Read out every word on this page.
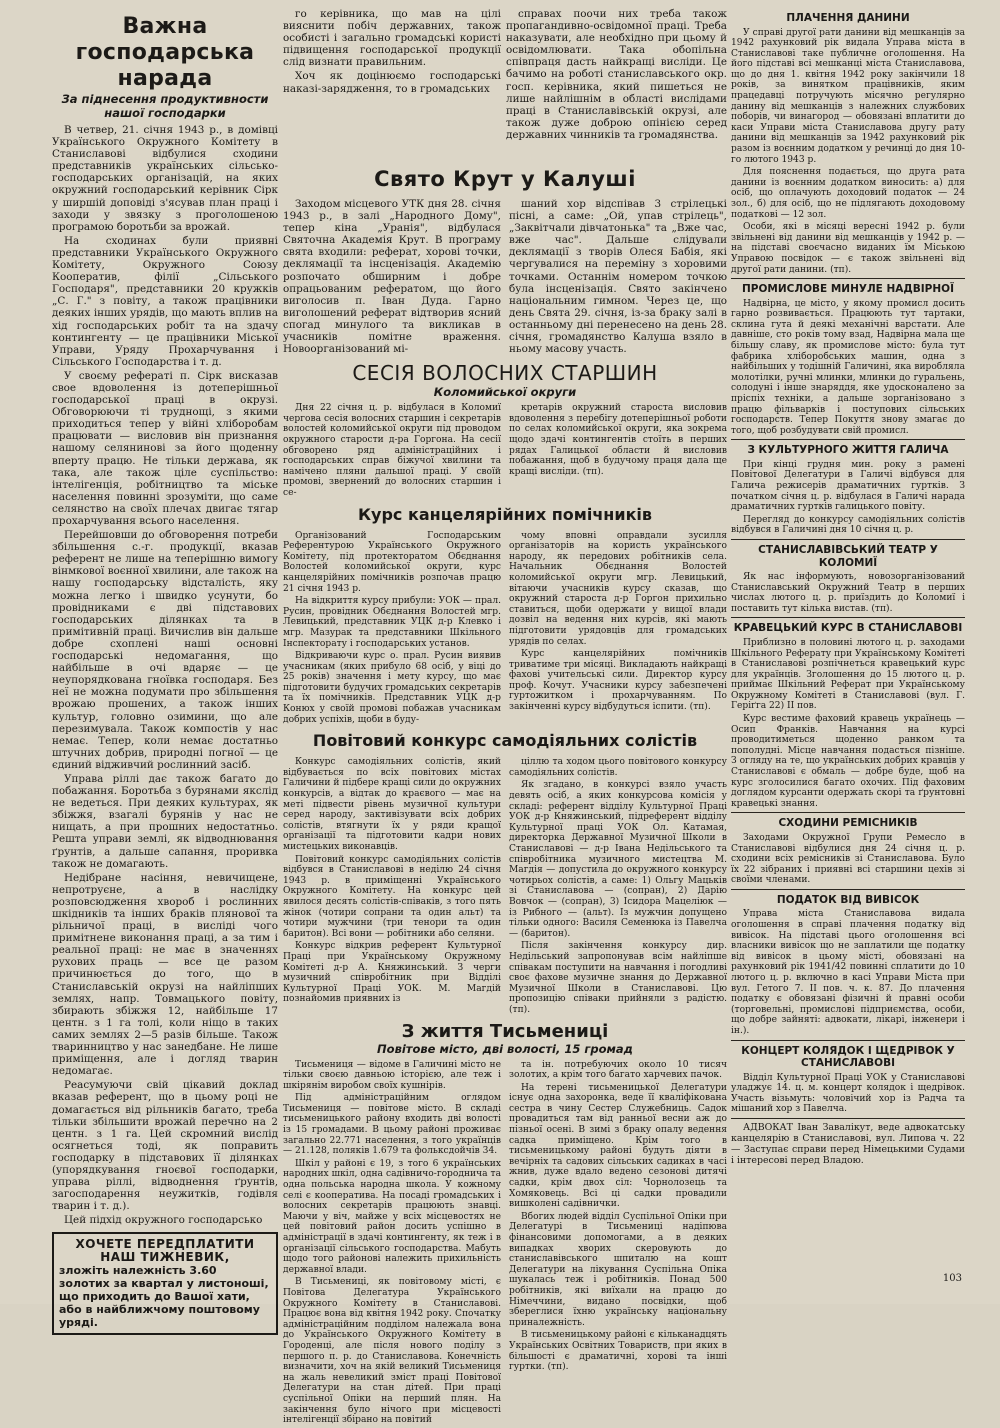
Важна господарська нарада
За піднесення продуктивности нашої господарки

В четвер, 21. січня 1943 р., в домівці Українського Окружного Комітету в Станиславові відбулися сходини представників українських сільсько-господарських організацій, на яких окружний господарський керівник Сірк у ширшій доповіді з'ясував план праці і заходи у звязку з проголошеною програмою боротьби за врожай.

На сходинах були приявні представники Українського Окружного Комітету, Окружного Союзу Кооператив, філії „Сільського Господаря", представники 20 кружків „С. Г." з повіту, а також працівники деяких інших урядів, що мають вплив на хід господарських робіт та на здачу контингенту — це працівники Міської Управи, Уряду Прохарчування і Сільського Господарства і т. д.

У своєму рефераті п. Сірк висказав свое вдоволення із дотеперішньої господарської праці в окрузі. Обговорюючи ті труднощі, з якими приходиться тепер у війні хліборобам працювати — висловив він признання нашому селянинові за його щоденну вперту працю. Не тільки держава, як така, але також ціле суспільство: інтелігенція, робітництво та міське населення повинні зрозуміти, що саме селянство на своїх плечах двигає тягар прохарчування всього населення.

Перейшовши до обговорення потреби збільшення с.-г. продукції, вказав референт не лише на теперішню вимогу вінмкової воєнної хвилини, але також на нашу господарську відсталість, яку можна легко і швидко усунути, бо провідниками є дві підставових господарських ділянках та в примітивній праці. Вичислив він дальше добре схоплені наші основні господарські недомагання, що найбільше в очі вдаряє — це неупорядкована гноївка господаря. Без неї не можна подумати про збільшення врожаю прошених, а також інших культур, головно озимини, що але перезимувала. Також компостів у нас немає. Тепер, коли немає достатньо штучних добрив, природні погної — це єдиний відживчий рослинний засіб.

Управа ріллі дає також багато до побажання. Боротьба з бурянами якслід не ведеться. При деяких культурах, як збіжжя, взагалі бурянів у нас не нищать, а при прошних недостатньо. Решта управи землі, як відводнювання ґрунтів, а дальше сапання, проривка також не домагають.

Недібране насіння, невичищене, непротруєне, а в наслідку розповсюдження хвороб і рослинних шкідників та інших браків плянової та рільничої праці, в висліді чого примітнене виконання праці, а за тим і реальної праці: не має в значеннях рухових праць — все це разом причинюється до того, що в Станиславській окрузі на найліпших землях, напр. Товмацького повіту, збирають збіжжя 12, найбільше 17 центн. з 1 га толі, коли ніщо в таких самих землях 2—5 разів більше. Також тваринництво у нас занедбане. Не лише приміщення, але і догляд тварин недомагає.

Реасумуючи свій цікавий доклад вказав референт, що в цьому році не домагається від рільників багато, треба тільки збільшити врожай перечно на 2 центн. з 1 га. Цей скромний вислід осягнеться тоді, як поправить господарку в підставових її ділянках (упорядкування гноєвої господарки, управа ріллі, відводнення ґрунтів, загосподарення неужитків, годівля тварин і т. д.).

Цей підхід окружного господарсько

ХОЧЕТЕ ПЕРЕДПЛАТИТИ НАШ ТИЖНЕВИК,
зложіть належність 3.60 золотих за квартал у листоноші, що приходить до Вашої хати, або в найближчому поштовому уряді.

го керівника, що мав на цілі вияснити побіч державних, також особисті і загально громадські користі підвищення господарської продукції слід визнати правильним.

Хоч як доцінюємо господарські наказі-зарядження, то в громадських

справах поочи них треба також пропагандивно-освідомної праці. Треба наказувати, але необхідно при цьому й освідомлювати. Така обопільна співпраця дасть найкращі висліди. Це бачимо на роботі станиславського окр. госп. керівника, який пишеться не лише найлішнім в області вислідами праці в Станиславівській окрузі, але також дуже доброю опінією серед державних чинників та громадянства.

Свято Крут у Калуші

Заходом місцевого УТК дня 28. січня 1943 р., в залі „Народного Дому", тепер кіна „Уранія", відбулася Святочна Академія Крут. В програму свята входили: реферат, хорові точки, деклямації та інсценізація. Академію розпочато обширним і добре опрацьованим рефератом, що його виголосив п. Іван Дуда. Гарно виголошений реферат відтворив ясний спогад минулого та викликав в учасників помітне враження. Новоорганізований мі-

шаний хор відспівав 3 стрілецькі пісні, а саме: „Ой, упав стрілець", „Заквітчали дівчатонька" та „Вже час, вже час". Дальше слідували деклямації з творів Олеся Бабія, які чергувалися на переміну з хоровими точками. Останнім номером точкою була інсценізація. Свято закінчено національним гимном. Через це, що день Свята 29. січня, із-за браку залі в останньому дні перенесено на день 28. січня, громадянство Калуша взяло в ньому масову участь.

СЕСІЯ ВОЛОСНИХ СТАРШИН
Коломийської округи

Дня 22 січня ц. р. відбулася в Коломиї чергова сесія волосних старшин і секретарів волостей коломийської округи під проводом окружного старости д-ра Горгона. На сесії обговорено ряд адміністраційних і господарських справ біжучої хвилини та намічено пляни дальшої праці. У своїй промові, звернений до волосних старшин і се-

кретарів окружний староста висловив вдоволення з перебігу дотеперішньої роботи по селах коломийської округи, яка зокрема щодо здачі контингентів стоїть в перших рядах Галицької области й висловив побажання, щоб в будучому праця дала ще кращі висліди. (тп).

Курс канцелярійних помічників

Організований Господарським Референтурою Українського Окружного Комітету, під протекторатом Обєднання Волостей коломийської округи, курс канцелярійних помічників розпочав працю 21 січня 1943 р.

На відкриття курсу прибули: УОК — прал. Русин, провідник Обєднання Волостей мгр. Левицький, представник УЦК д-р Клевко і мгр. Мазурак та представники Шкільного Інспекторату і господарських установ.

Відкриваючи курс о. прал. Русин виявив учасникам (яких прибуло 68 осіб, у віці до 25 років) значення і мету курсу, що має підготовити будучих громадських секретарів та їх помічників. Представник УЦК д-р Конюх у своїй промові побажав учасникам добрих успіхів, щоби в буду-

чому вповні оправдали зусилля організаторів на користь українського народу, як передових робітників села. Начальник Обєднання Волостей коломийської округи мгр. Левицький, вітаючи учасників курсу сказав, що окружний староста д-р Горгон прихильно ставиться, щоби одержати у вищої влади дозвіл на ведення них курсів, які мають підготовити урядовців для громадських урядів по селах.

Курс канцелярійних помічників триватиме три місяці. Викладають найкращі фахові учительські сили. Директор курсу проф. Кочут. Учасники курсу забезпечені гуртожитком і прохарчуванням. По закінченні курсу відбудуться іспити. (тп).

Повітовий конкурс самодіяльних солістів

Конкурс самодіяльних солістів, який відбувається по всіх повітових містах Галичини й підбере кращі сили до окружних конкурсів, а відтак до краєвого — має на меті підвести рівень музичної культури серед народу, зактивізувати всіх добрих солістів, втягнути їх у ряди кращої організації та підготовити кадри нових мистецьких виконавців.

Повітовий конкурс самодіяльних солістів відбувся в Станиславові в неділю 24 січня 1943 р. в приміщенні Українського Окружного Комітету. На конкурс цей явилося десять солістів-співаків, з того пять жінок (чотири сопрани та один альт) та чотири мужчини (три тенори та один баритон). Всі вони — робітники або селяни.

Конкурс відкрив референт Культурної Праці при Українському Окружному Комітеті д-р А. Княжинський. З черги музичний співробітник при Відділі Культурної Праці УОК. М. Магдій познайомив приявних із

ціллю та ходом цього повітового конкурсу самодіяльних солістів.

Як згадано, в конкурсі взяло участь девять осіб, а яких конкурсова комісія у складі: референт відділу Культурної Праці УОК д-р Княжинський, підреферент відділу Культурної праці УОК Ол. Катамая, директорка Державної Музичної Школи в Станиславові — д-р Івана Недільського та співробітника музичного мистецтва М. Магдія — допустила до окружного конкурсу чотирьох солістів, а саме: 1) Ольгу Мацьків зі Станиславова — (сопран), 2) Дарію Вовчок — (сопран), 3) Ісидора Мацеліюк — із Рибного — (альт). Із мужчин допущено тільки одного: Василя Семенюка із Павелча — (баритон).

Після закінчення конкурсу дир. Недільський запропонував всім найліпше співакам поступити на навчання і погодливі своє фахове музичне знання до Державної Музичної Школи в Станиславові. Цю пропозицію співаки прийняли з радістю. (тп).

З життя Тисьмениці
Повітове місто, дві волості, 15 громад

Тисьмениця — відоме в Галичині місто не тільки своєю давньою історією, але теж і шкірянім виробом своїх кушнірів.

Під адміністраційним оглядом Тисьмениця — повітове місто. В складі тисьменицького району входить дві волості із 15 громадами. В цьому районі проживає загально 22.771 населення, з того українців — 21.128, поляків 1.679 та фольксдойчів 34.

Шкіл у районі є 19, з того 6 українських народних шкіл, одна садівничо-городнича та одна польська народна школа. У кожному селі є кооператива. На посаді громадських і волосних секретарів працюють знавці. Маючи у віч, майже у всіх місцевостях не цей повітовий район досить успішно в адміністрації в здачі контингенту, як теж і в організації сільського господарства. Мабуть щодо того районові належить прихильність державної влади.

В Тисьмениці, як повітовому місті, є Повітова Делегатура Українського Окружного Комітету в Станиславові. Працює вона від квітня 1942 року. Спочатку адміністраційним подділом належала вона до Українського Окружного Комітету в Городенці, але після нового поділу з першого п. р. до Станиславова. Конечність визначити, хоч на якій великий Тисьмениця на жаль невеликий зміст праці Повітової Делегатури на стан дітей. При праці суспільної Опіки на перший плян. На закінчення було нічого при місцевості інтелігенції збірано на повітий

та ін. потребуючих около 10 тисяч золотих, а крім того багато харчевих пачок.

На терені тисьменицької Делегатури існує одна захоронка, веде її кваліфікована сестра в чину Сестер Служебниць. Садок провадиться там від ранньої весни аж до пізньої осені. В зимі з браку опалу ведення садка приміщено. Крім того в тисьменицькому районі будуть діяти в вечірніх та садових сільських садиках в часі жнив, дуже вдало ведено сезонові дитячі садки, крім двох сіл: Чорнолозець та Хомяковець. Всі ці садки провадили вишколені садівнички.

Вбогих людей відділ Суспільної Опіки при Делегатурі в Тисьмениці надіпюва фінансовими допомогами, а в деяких випадках хворих скеровують до станиславівського шпиталю на кошт Делегатури на лікування Суспільна Опіка шукалась теж і робітників. Понад 500 робітників, які виїхали на працю до Німеччини, видано посвідки, щоб збереглися їхню українську національну приналежність.

В тисьменицькому районі є кільканадцять Українських Освітних Товариств, при яких в більшості є драматичні, хорові та інші гуртки. (тп).

ПЛАЧЕННЯ ДАНИНИ

У справі другої рати данини від мешканців за 1942 рахунковий рік видала Управа міста в Станиславові таке публичне оголошення. На його підставі всі мешканці міста Станиславова, що до дня 1. квітня 1942 року закінчили 18 років, за винятком працівників, яким працедавці потручують місячно регулярно данину від мешканців з належних службових поборів, чи винагород — обовязані вплатити до каси Управи міста Станиславова другу рату данини від мешканців за 1942 рахунковий рік разом із воєнним додатком у речинці до дня 10-го лютого 1943 р.

Для пояснення подається, що друга рата данини із воєнним додатком виносить: а) для осіб, що оплачують доходовий податок — 24 зол., б) для осіб, що не підлягають доходовому податкові — 12 зол.

Особи, які в місяці вересні 1942 р. були звільнені від данини від мешканців у 1942 р. — на підставі своєчасно виданих їм Міською Управою посвідок — є також звільнені від другої рати данини. (тп).

ПРОМИСЛОВЕ МИНУЛЕ НАДВІРНОЇ

Надвірна, це місто, у якому промисл досить гарно розвивається. Працюють тут тартаки, склина гута й деякі механічні варстати. Але давніше, сто років тому взад, Надвірна мала ще більшу славу, як промислове місто: була тут фабрика хліборобських машин, одна з найбільших у тодішній Галичині, яка виробляла молотілки, ручні млинки, млинки до гуральень, солодуні і інше знаряддя, яке удосконалено за пріспіх техніки, а дальше зорганізовано з працю фільварків і поступових сільських господарств. Тепер Покуття знову змагає до того, щоб розбудувати свій промисл.

З КУЛЬТУРНОГО ЖИТТЯ ГАЛИЧА

При кінці грудня мин. року з рамені Повітової Делегатури в Галичі відбувся для Галича режисерів драматичних гуртків. З початком січня ц. р. відбулася в Галичі нарада драматичних гуртків галицького повіту.

Перегляд до конкурсу самодіяльних солістів відбувся в Галичині дня 10 січня ц. р.

СТАНИСЛАВІВСЬКИЙ ТЕАТР У КОЛОМИЇ

Як нас інформують, новозорганізований Станиславський Окружний Театр в перших числах лютого ц. р. приїздить до Коломиї і поставить тут кілька вистав. (тп).

КРАВЕЦЬКИЙ КУРС В СТАНИСЛАВОВІ

Приблизно в половині лютого ц. р. заходами Шкільного Реферату при Українському Комітеті в Станиславові розпічнеться кравецький курс для українців. Зголошення до 15 лютого ц. р. приймає Шкільний Реферат при Українському Окружному Комітеті в Станиславові (вул. Г. Геріґга 22) II пов.

Курс вестиме фаховий кравець українець — Осип Франків. Навчання на курсі проводитиметься щоденно ранком та пополудні. Місце навчання подасться пізніше. З огляду на те, що українських добрих кравців у Станиславові є обмаль — добре буде, щоб на курс зголосилися багато охочих. Під фаховим доглядом курсанти одержать скорі та ґрунтовні кравецькі знання.

СХОДИНИ РЕМІСНИКІВ

Заходами Окружної Групи Ремесло в Станиславові відбулися дня 24 січня ц. р. сходини всіх ремісників зі Станиславова. Було їх 22 зібраних і приявні всі старшини цехів зі своїми членами.

ПОДАТОК ВІД ВИВІСОК

Управа міста Станиславова видала оголошення в справі плачення податку від вивісок. На підставі цього оголошення всі власники вивісок що не заплатили ще податку від вивісок в цьому місті, обовязані на рахунковий рік 1941/42 повинні сплатити до 10 лютого ц. р. включно в касі Управи Міста при вул. Гетого 7. ІІ пов. ч. к. 87. До плачення податку є обовязані фізичні й правні особи (торговельні, промислові підприємства, особи, що добре зайняті: адвокати, лікарі, інженери і ін.).

КОНЦЕРТ КОЛЯДОК І ЩЕДРІВОК У СТАНИСЛАВОВІ

Відділ Культурної Праці УОК у Станиславові уладжує 14. ц. м. концерт колядок і щедрівок. Участь візьмуть: чоловічий хор із Радча та мішаний хор з Павелча.

АДВОКАТ Іван Завалікут, веде адвокатську канцелярію в Станиславові, вул. Липова ч. 22 — Заступає справи перед Німецькими Судами і інтересові перед Владою.

103
